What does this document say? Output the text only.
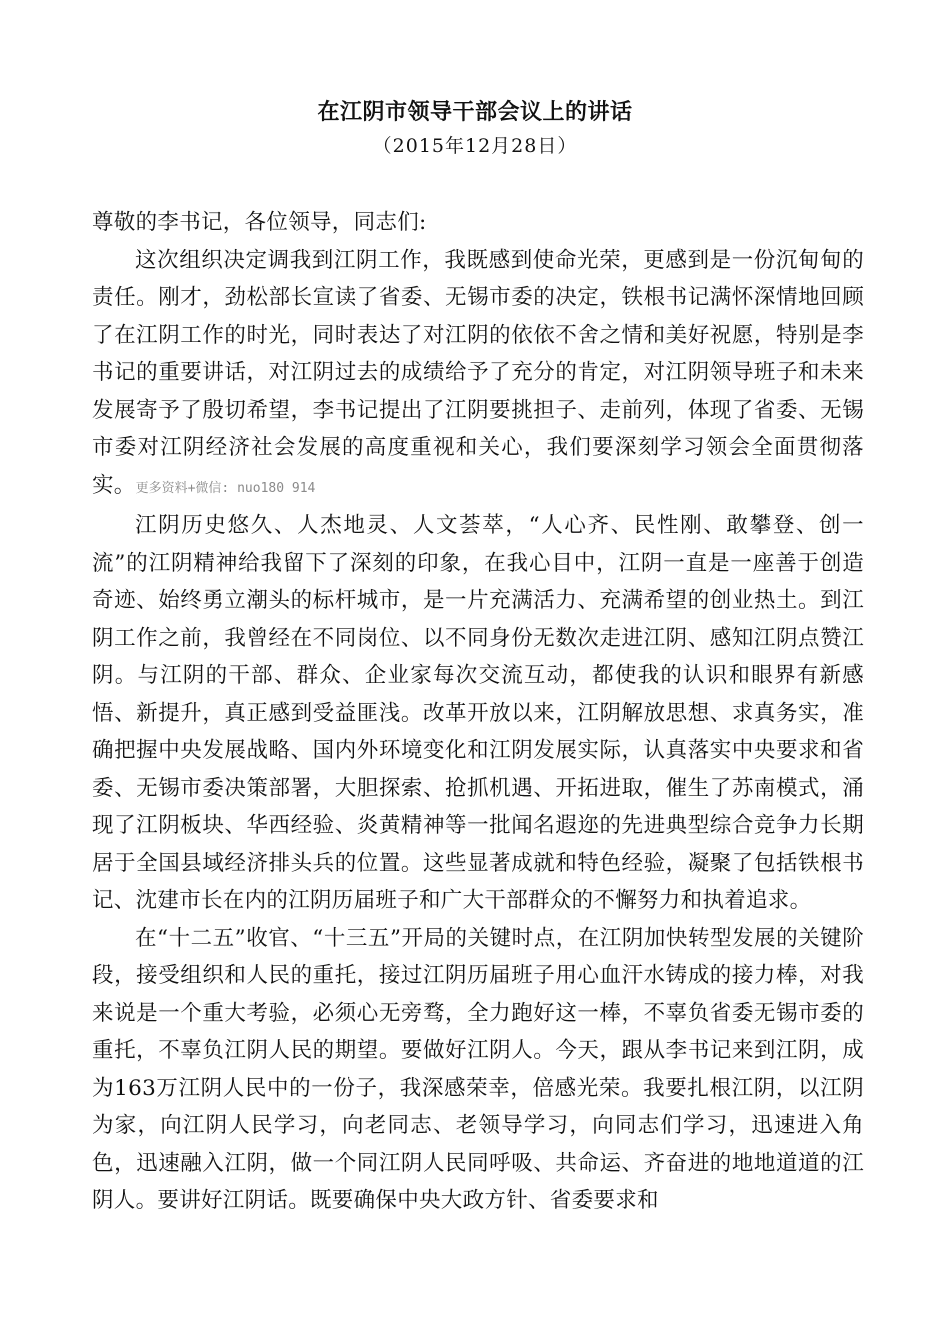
在江阴市领导干部会议上的讲话
（2015年12月28日）

尊敬的李书记，各位领导，同志们:

这次组织决定调我到江阴工作，我既感到使命光荣，更感到是一份沉甸甸的责任。刚才，劲松部长宣读了省委、无锡市委的决定，铁根书记满怀深情地回顾了在江阴工作的时光，同时表达了对江阴的依依不舍之情和美好祝愿，特别是李书记的重要讲话，对江阴过去的成绩给予了充分的肯定，对江阴领导班子和未来发展寄予了殷切希望，李书记提出了江阴要挑担子、走前列，体现了省委、无锡市委对江阴经济社会发展的高度重视和关心，我们要深刻学习领会全面贯彻落实。更多资料+微信: nuo180 914

江阴历史悠久、人杰地灵、人文荟萃，“人心齐、民性刚、敢攀登、创一流”的江阴精神给我留下了深刻的印象，在我心目中，江阴一直是一座善于创造奇迹、始终勇立潮头的标杆城市，是一片充满活力、充满希望的创业热土。到江阴工作之前，我曾经在不同岗位、以不同身份无数次走进江阴、感知江阴点赞江阴。与江阴的干部、群众、企业家每次交流互动，都使我的认识和眼界有新感悟、新提升，真正感到受益匪浅。改革开放以来，江阴解放思想、求真务实，准确把握中央发展战略、国内外环境变化和江阴发展实际，认真落实中央要求和省委、无锡市委决策部署，大胆探索、抢抓机遇、开拓进取，催生了苏南模式，涌现了江阴板块、华西经验、炎黄精神等一批闻名遐迩的先进典型综合竞争力长期居于全国县域经济排头兵的位置。这些显著成就和特色经验，凝聚了包括铁根书记、沈建市长在内的江阴历届班子和广大干部群众的不懈努力和执着追求。

在“十二五”收官、“十三五”开局的关键时点，在江阴加快转型发展的关键阶段，接受组织和人民的重托，接过江阴历届班子用心血汗水铸成的接力棒，对我来说是一个重大考验，必须心无旁骛，全力跑好这一棒，不辜负省委无锡市委的重托，不辜负江阴人民的期望。要做好江阴人。今天，跟从李书记来到江阴，成为163万江阴人民中的一份子，我深感荣幸，倍感光荣。我要扎根江阴，以江阴为家，向江阴人民学习，向老同志、老领导学习，向同志们学习，迅速进入角色，迅速融入江阴，做一个同江阴人民同呼吸、共命运、齐奋进的地地道道的江阴人。要讲好江阴话。既要确保中央大政方针、省委要求和
